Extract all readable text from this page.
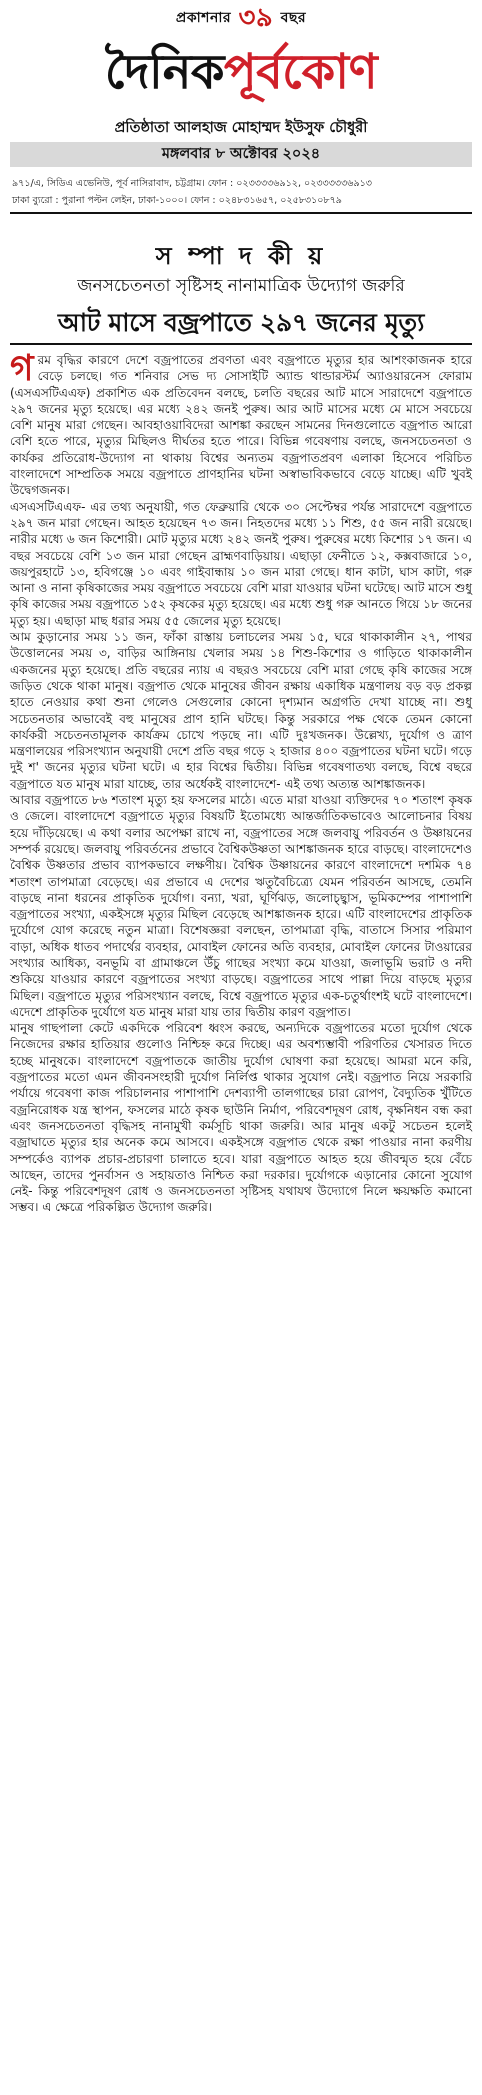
প্রকাশনার ৩৯ বছর
দৈনিকপূর্বকোণ
প্রতিষ্ঠাতা আলহাজ মোহাম্মদ ইউসুফ চৌধুরী
মঙ্গলবার ৮ অক্টোবর ২০২৪
৯৭১/এ, সিডিএ এভেনিউ, পূর্ব নাসিরাবাদ, চট্টগ্রাম। ফোন : ০২৩৩৩৩৬৯১২, ০২৩৩৩৩৩৬৯১৩
ঢাকা ব্যুরো : পুরানা পল্টন লেইন, ঢাকা-১০০০। ফোন : ০২৪৮৩১৬৫৭, ০২৫৮৩১০৮৭৯
স ম্পা দ কী য়
জনসচেতনতা সৃষ্টিসহ নানামাত্রিক উদ্যোগ জরুরি
আট মাসে বজ্রপাতে ২৯৭ জনের মৃত্যু

গরম বৃদ্ধির কারণে দেশে বজ্রপাতের প্রবণতা এবং বজ্রপাতে মৃত্যুর হার আশংকাজনক হারে বেড়ে চলছে। গত শনিবার সেভ দ্য সোসাইটি অ্যান্ড থান্ডারস্টর্ম অ্যাওয়ারনেস ফোরাম (এসএসটিএএফ) প্রকাশিত এক প্রতিবেদন বলছে, চলতি বছরের আট মাসে সারাদেশে বজ্রপাতে ২৯৭ জনের মৃত্যু হয়েছে। এর মধ্যে ২৪২ জনই পুরুষ। আর আট মাসের মধ্যে মে মাসে সবচেয়ে বেশি মানুষ মারা গেছেন। আবহাওয়াবিদেরা আশঙ্কা করছেন সামনের দিনগুলোতে বজ্রপাত আরো বেশি হতে পারে, মৃত্যুর মিছিলও দীর্ঘতর হতে পারে। বিভিন্ন গবেষণায় বলছে, জনসচেতনতা ও কার্যকর প্রতিরোধ-উদ্যোগ না থাকায় বিশ্বের অন্যতম বজ্রপাতপ্রবণ এলাকা হিসেবে পরিচিত বাংলাদেশে সাম্প্রতিক সময়ে বজ্রপাতে প্রাণহানির ঘটনা অস্বাভাবিকভাবে বেড়ে যাচ্ছে। এটি খুবই উদ্বেগজনক।

এসএসটিএএফ- এর তথ্য অনুযায়ী, গত ফেব্রুয়ারি থেকে ৩০ সেপ্টেম্বর পর্যন্ত সারাদেশে বজ্রপাতে ২৯৭ জন মারা গেছেন। আহত হয়েছেন ৭৩ জন। নিহতদের মধ্যে ১১ শিশু, ৫৫ জন নারী রয়েছে। নারীর মধ্যে ৬ জন কিশোরী। মোট মৃত্যুর মধ্যে ২৪২ জনই পুরুষ। পুরুষের মধ্যে কিশোর ১৭ জন। এ বছর সবচেয়ে বেশি ১৩ জন মারা গেছেন ব্রাহ্মণবাড়িয়ায়। এছাড়া ফেনীতে ১২, কক্সবাজারে ১০, জয়পুরহাটে ১৩, হবিগঞ্জে ১০ এবং গাইবান্ধায় ১০ জন মারা গেছে। ধান কাটা, ঘাস কাটা, গরু আনা ও নানা কৃষিকাজের সময় বজ্রপাতে সবচেয়ে বেশি মারা যাওয়ার ঘটনা ঘটেছে। আট মাসে শুধু কৃষি কাজের সময় বজ্রপাতে ১৫২ কৃষকের মৃত্যু হয়েছে। এর মধ্যে শুধু গরু আনতে গিয়ে ১৮ জনের মৃত্যু হয়। এছাড়া মাছ ধরার সময় ৫৫ জেলের মৃত্যু হয়েছে।

আম কুড়ানোর সময় ১১ জন, ফাঁকা রাস্তায় চলাচলের সময় ১৫, ঘরে থাকাকালীন ২৭, পাথর উত্তোলনের সময় ৩, বাড়ির আঙ্গিনায় খেলার সময় ১৪ শিশু-কিশোর ও গাড়িতে থাকাকালীন একজনের মৃত্যু হয়েছে। প্রতি বছরের ন্যায় এ বছরও সবচেয়ে বেশি মারা গেছে কৃষি কাজের সঙ্গে জড়িত থেকে থাকা মানুষ। বজ্রপাত থেকে মানুষের জীবন রক্ষায় একাধিক মন্ত্রণালয় বড় বড় প্রকল্প হাতে নেওয়ার কথা শুনা গেলেও সেগুলোর কোনো দৃশ্যমান অগ্রগতি দেখা যাচ্ছে না। শুধু সচেতনতার অভাবেই বহু মানুষের প্রাণ হানি ঘটছে। কিন্তু সরকারে পক্ষ থেকে তেমন কোনো কার্যকরী সচেতনতামূলক কার্যক্রম চোখে পড়ছে না। এটি দুঃখজনক। উল্লেখ্য, দুর্যোগ ও ত্রাণ মন্ত্রণালয়ের পরিসংখ্যান অনুযায়ী দেশে প্রতি বছর গড়ে ২ হাজার ৪০০ বজ্রপাতের ঘটনা ঘটে। গড়ে দুই শ' জনের মৃত্যুর ঘটনা ঘটে। এ হার বিশ্বের দ্বিতীয়। বিভিন্ন গবেষণাতথ্য বলছে, বিশ্বে বছরে বজ্রপাতে যত মানুষ মারা যাচ্ছে, তার অর্ধেকই বাংলাদেশে- এই তথ্য অত্যন্ত আশঙ্কাজনক।

আবার বজ্রপাতে ৮৬ শতাংশ মৃত্যু হয় ফসলের মাঠে। এতে মারা যাওয়া ব্যক্তিদের ৭০ শতাংশ কৃষক ও জেলে। বাংলাদেশে বজ্রপাতে মৃত্যুর বিষয়টি ইতোমধ্যে আন্তর্জাতিকভাবেও আলোচনার বিষয় হয়ে দাঁড়িয়েছে। এ কথা বলার অপেক্ষা রাখে না, বজ্রপাতের সঙ্গে জলবায়ু পরিবর্তন ও উষ্ণায়নের সম্পর্ক রয়েছে। জলবায়ু পরিবর্তনের প্রভাবে বৈশ্বিকউষ্ণতা আশঙ্কাজনক হারে বাড়ছে। বাংলাদেশেও বৈশ্বিক উষ্ণতার প্রভাব ব্যাপকভাবে লক্ষণীয়। বৈশ্বিক উষ্ণায়নের কারণে বাংলাদেশে দশমিক ৭৪ শতাংশ তাপমাত্রা বেড়েছে। এর প্রভাবে এ দেশের ঋতুবৈচিত্র্যে যেমন পরিবর্তন আসছে, তেমনি বাড়ছে নানা ধরনের প্রাকৃতিক দুর্যোগ। বন্যা, খরা, ঘূর্ণিঝড়, জলোচ্ছ্বাস, ভূমিকম্পের পাশাপাশি বজ্রপাতের সংখ্যা, একইসঙ্গে মৃত্যুর মিছিল বেড়েছে আশঙ্কাজনক হারে। এটি বাংলাদেশের প্রাকৃতিক দুর্যোগে যোগ করেছে নতুন মাত্রা। বিশেষজ্ঞরা বলছেন, তাপমাত্রা বৃদ্ধি, বাতাসে সিসার পরিমাণ বাড়া, অধিক ধাতব পদার্থের ব্যবহার, মোবাইল ফোনের অতি ব্যবহার, মোবাইল ফোনের টাওয়ারের সংখ্যার আধিক্য, বনভূমি বা গ্রামাঞ্চলে উঁচু গাছের সংখ্যা কমে যাওয়া, জলাভূমি ভরাট ও নদী শুকিয়ে যাওয়ার কারণে বজ্রপাতের সংখ্যা বাড়ছে। বজ্রপাতের সাথে পাল্লা দিয়ে বাড়ছে মৃত্যুর মিছিল। বজ্রপাতে মৃত্যুর পরিসংখ্যান বলছে, বিশ্বে বজ্রপাতে মৃত্যুর এক-চতুর্থাংশই ঘটে বাংলাদেশে। এদেশে প্রাকৃতিক দুর্যোগে যত মানুষ মারা যায় তার দ্বিতীয় কারণ বজ্রপাত।

মানুষ গাছপালা কেটে একদিকে পরিবেশ ধ্বংস করছে, অন্যদিকে বজ্রপাতের মতো দুর্যোগ থেকে নিজেদের রক্ষার হাতিয়ার গুলোও নিশ্চিহ্ন করে দিচ্ছে। এর অবশ্যম্ভাবী পরিণতির খেসারত দিতে হচ্ছে মানুষকে। বাংলাদেশে বজ্রপাতকে জাতীয় দুর্যোগ ঘোষণা করা হয়েছে। আমরা মনে করি, বজ্রপাতের মতো এমন জীবনসংহারী দুর্যোগ নির্লিপ্ত থাকার সুযোগ নেই। বজ্রপাত নিয়ে সরকারি পর্যায়ে গবেষণা কাজ পরিচালনার পাশাপাশি দেশব্যাপী তালগাছের চারা রোপণ, বৈদ্যুতিক খুঁটিতে বজ্রনিরোধক যন্ত্র স্থাপন, ফসলের মাঠে কৃষক ছাউনি নির্মাণ, পরিবেশদূষণ রোধ, বৃক্ষনিধন বন্ধ করা এবং জনসচেতনতা বৃদ্ধিসহ নানামুখী কর্মসূচি থাকা জরুরি। আর মানুষ একটু সচেতন হলেই বজ্রাঘাতে মৃত্যুর হার অনেক কমে আসবে। একইসঙ্গে বজ্রপাত থেকে রক্ষা পাওয়ার নানা করণীয় সম্পর্কেও ব্যাপক প্রচার-প্রচারণা চালাতে হবে। যারা বজ্রপাতে আহত হয়ে জীবন্মৃত হয়ে বেঁচে আছেন, তাদের পুনর্বাসন ও সহায়তাও নিশ্চিত করা দরকার। দুর্যোগকে এড়ানোর কোনো সুযোগ নেই- কিন্তু পরিবেশদূষণ রোধ ও জনসচেতনতা সৃষ্টিসহ যথাযথ উদ্যোগে নিলে ক্ষয়ক্ষতি কমানো সম্ভব। এ ক্ষেত্রে পরিকল্পিত উদ্যোগ জরুরি।
